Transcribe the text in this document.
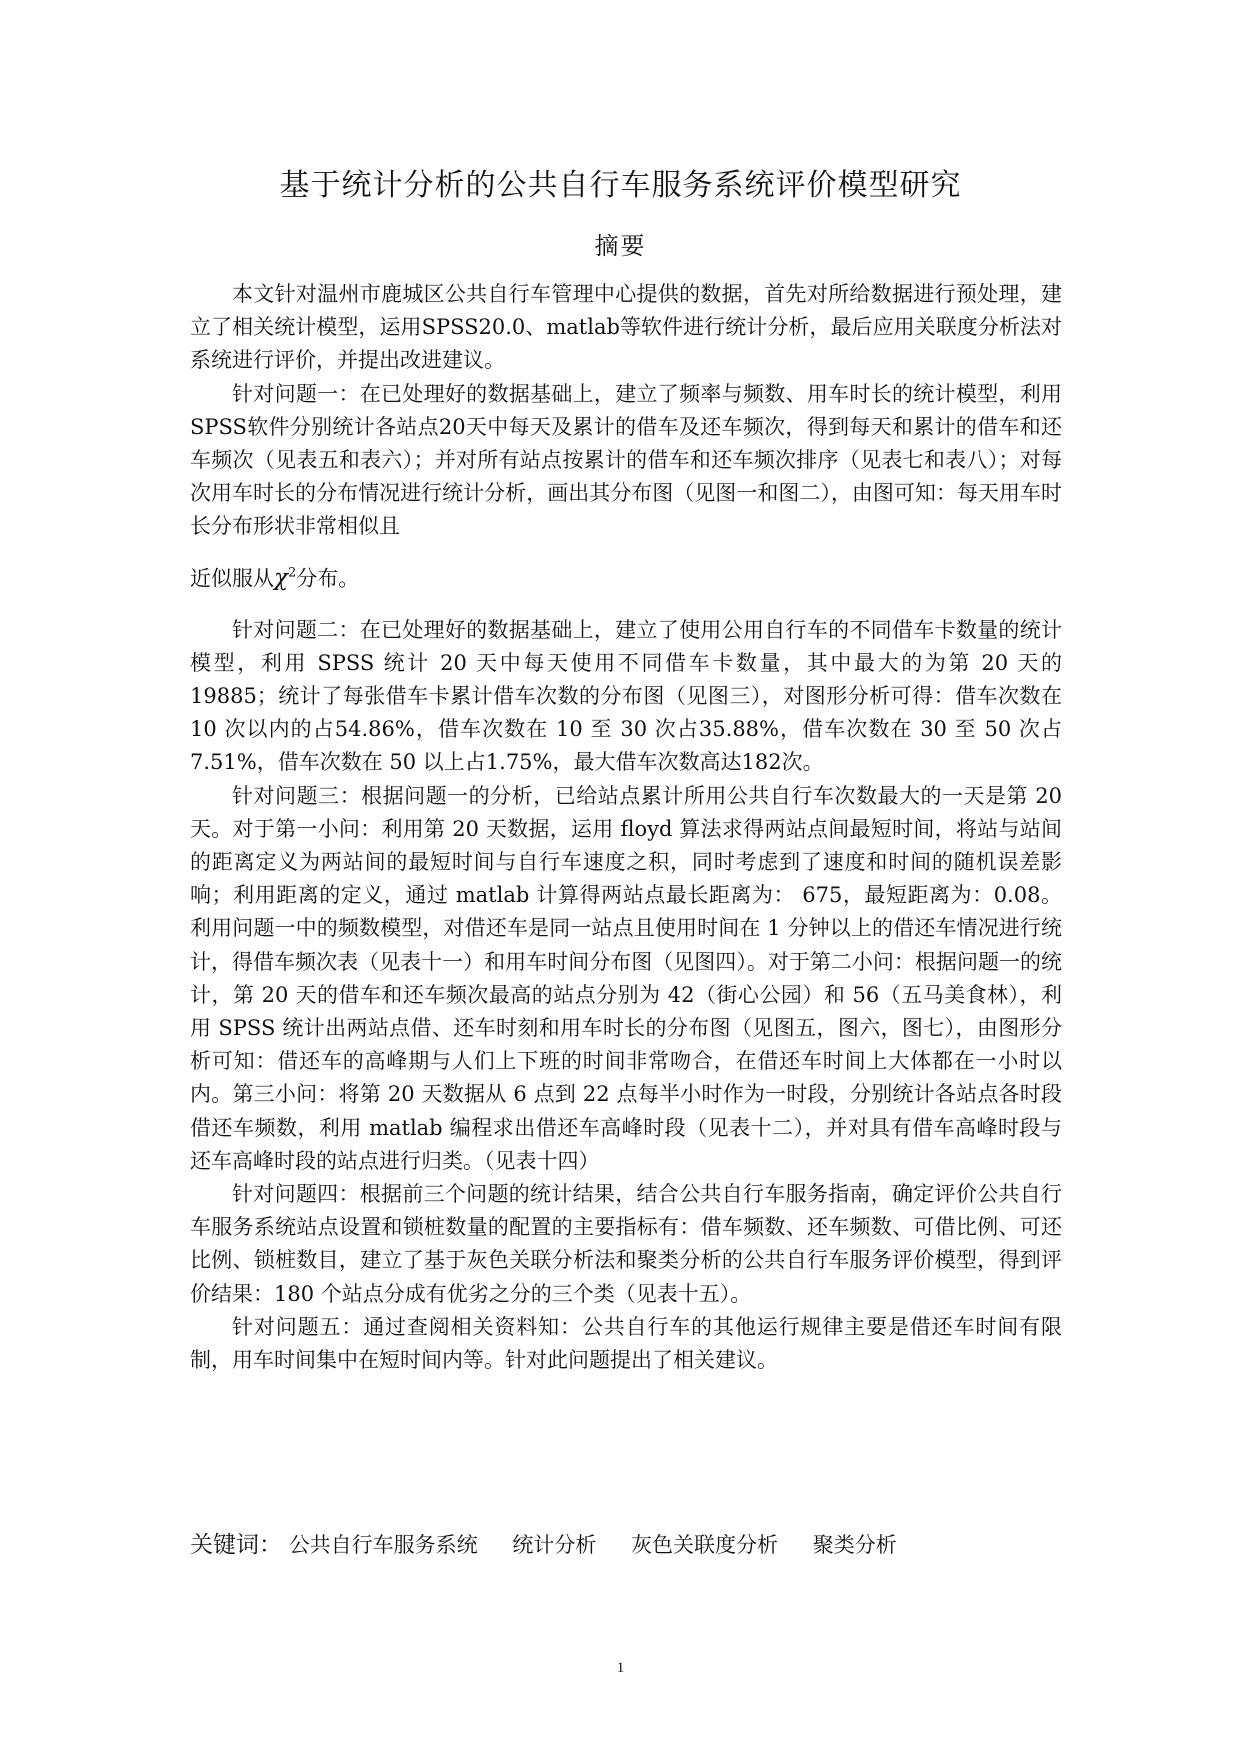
基于统计分析的公共自行车服务系统评价模型研究
摘要

本文针对温州市鹿城区公共自行车管理中心提供的数据，首先对所给数据进行预处理，建立了相关统计模型，运用SPSS20.0、matlab等软件进行统计分析，最后应用关联度分析法对系统进行评价，并提出改进建议。

针对问题一：在已处理好的数据基础上，建立了频率与频数、用车时长的统计模型，利用SPSS软件分别统计各站点20天中每天及累计的借车及还车频次，得到每天和累计的借车和还车频次（见表五和表六）；并对所有站点按累计的借车和还车频次排序（见表七和表八）；对每次用车时长的分布情况进行统计分析，画出其分布图（见图一和图二），由图可知：每天用车时长分布形状非常相似且

近似服从$\chi^2$分布。

针对问题二：在已处理好的数据基础上，建立了使用公用自行车的不同借车卡数量的统计模型，利用 SPSS 统计 20 天中每天使用不同借车卡数量，其中最大的为第 20 天的 19885；统计了每张借车卡累计借车次数的分布图（见图三），对图形分析可得：借车次数在 10 次以内的占54.86%，借车次数在 10 至 30 次占35.88%，借车次数在 30 至 50 次占7.51%，借车次数在 50 以上占1.75%，最大借车次数高达182次。

针对问题三：根据问题一的分析，已给站点累计所用公共自行车次数最大的一天是第 20 天。对于第一小问：利用第 20 天数据，运用 floyd 算法求得两站点间最短时间，将站与站间的距离定义为两站间的最短时间与自行车速度之积，同时考虑到了速度和时间的随机误差影响；利用距离的定义，通过 matlab 计算得两站点最长距离为： 675，最短距离为：0.08。利用问题一中的频数模型，对借还车是同一站点且使用时间在 1 分钟以上的借还车情况进行统计，得借车频次表（见表十一）和用车时间分布图（见图四）。对于第二小问：根据问题一的统计，第 20 天的借车和还车频次最高的站点分别为 42（街心公园）和 56（五马美食林），利用 SPSS 统计出两站点借、还车时刻和用车时长的分布图（见图五，图六，图七），由图形分析可知：借还车的高峰期与人们上下班的时间非常吻合，在借还车时间上大体都在一小时以内。第三小问：将第 20 天数据从 6 点到 22 点每半小时作为一时段，分别统计各站点各时段借还车频数，利用 matlab 编程求出借还车高峰时段（见表十二），并对具有借车高峰时段与还车高峰时段的站点进行归类。（见表十四）

针对问题四：根据前三个问题的统计结果，结合公共自行车服务指南，确定评价公共自行车服务系统站点设置和锁桩数量的配置的主要指标有：借车频数、还车频数、可借比例、可还比例、锁桩数目，建立了基于灰色关联分析法和聚类分析的公共自行车服务评价模型，得到评价结果：180 个站点分成有优劣之分的三个类（见表十五）。

针对问题五：通过查阅相关资料知：公共自行车的其他运行规律主要是借还车时间有限制，用车时间集中在短时间内等。针对此问题提出了相关建议。

关键词： 公共自行车服务系统 统计分析 灰色关联度分析 聚类分析
1
